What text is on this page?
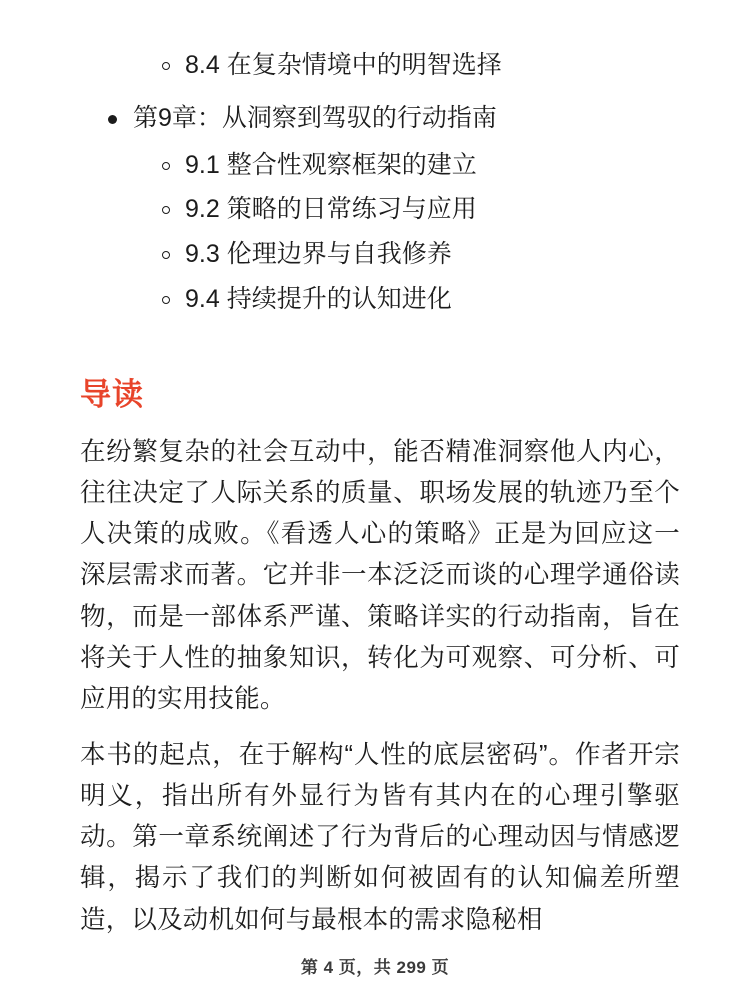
8.4 在复杂情境中的明智选择
第9章：从洞察到驾驭的行动指南
9.1 整合性观察框架的建立
9.2 策略的日常练习与应用
9.3 伦理边界与自我修养
9.4 持续提升的认知进化
导读

在纷繁复杂的社会互动中，能否精准洞察他人内心，往往决定了人际关系的质量、职场发展的轨迹乃至个人决策的成败。《看透人心的策略》正是为回应这一深层需求而著。它并非一本泛泛而谈的心理学通俗读物，而是一部体系严谨、策略详实的行动指南，旨在将关于人性的抽象知识，转化为可观察、可分析、可应用的实用技能。

本书的起点，在于解构“人性的底层密码”。作者开宗明义，指出所有外显行为皆有其内在的心理引擎驱动。第一章系统阐述了行为背后的心理动因与情感逻辑，揭示了我们的判断如何被固有的认知偏差所塑造，以及动机如何与最根本的需求隐秘相

第 4 页，共 299 页
